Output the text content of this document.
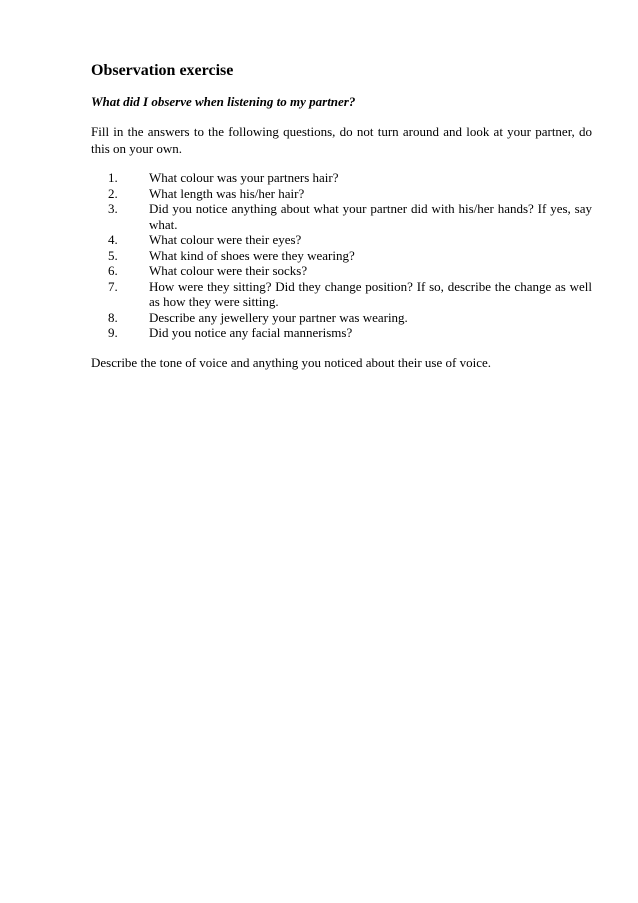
Observation exercise

What did I observe when listening to my partner?

Fill in the answers to the following questions, do not turn around and look at your partner, do this on your own.

1.	What colour was your partners hair?
2.	What length was his/her hair?
3.	Did you notice anything about what your partner did with his/her hands? If yes, say what.
4.	What colour were their eyes?
5.	What kind of shoes were they wearing?
6.	What colour were their socks?
7.	How were they sitting? Did they change position? If so, describe the change as well as how they were sitting.
8.	Describe any jewellery your partner was wearing.
9.	Did you notice any facial mannerisms?

Describe the tone of voice and anything you noticed about their use of voice.
